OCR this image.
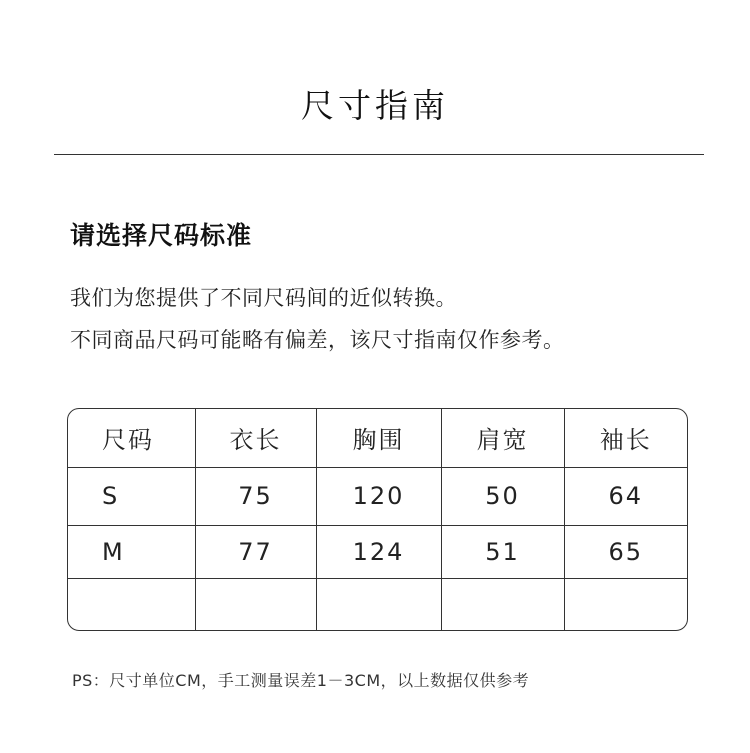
尺寸指南
请选择尺码标准
我们为您提供了不同尺码间的近似转换。
不同商品尺码可能略有偏差，该尺寸指南仅作参考。
尺码	衣长	胸围	肩宽	袖长
S	75	120	50	64
M	77	124	51	65

PS：尺寸单位CM，手工测量误差1－3CM，以上数据仅供参考
